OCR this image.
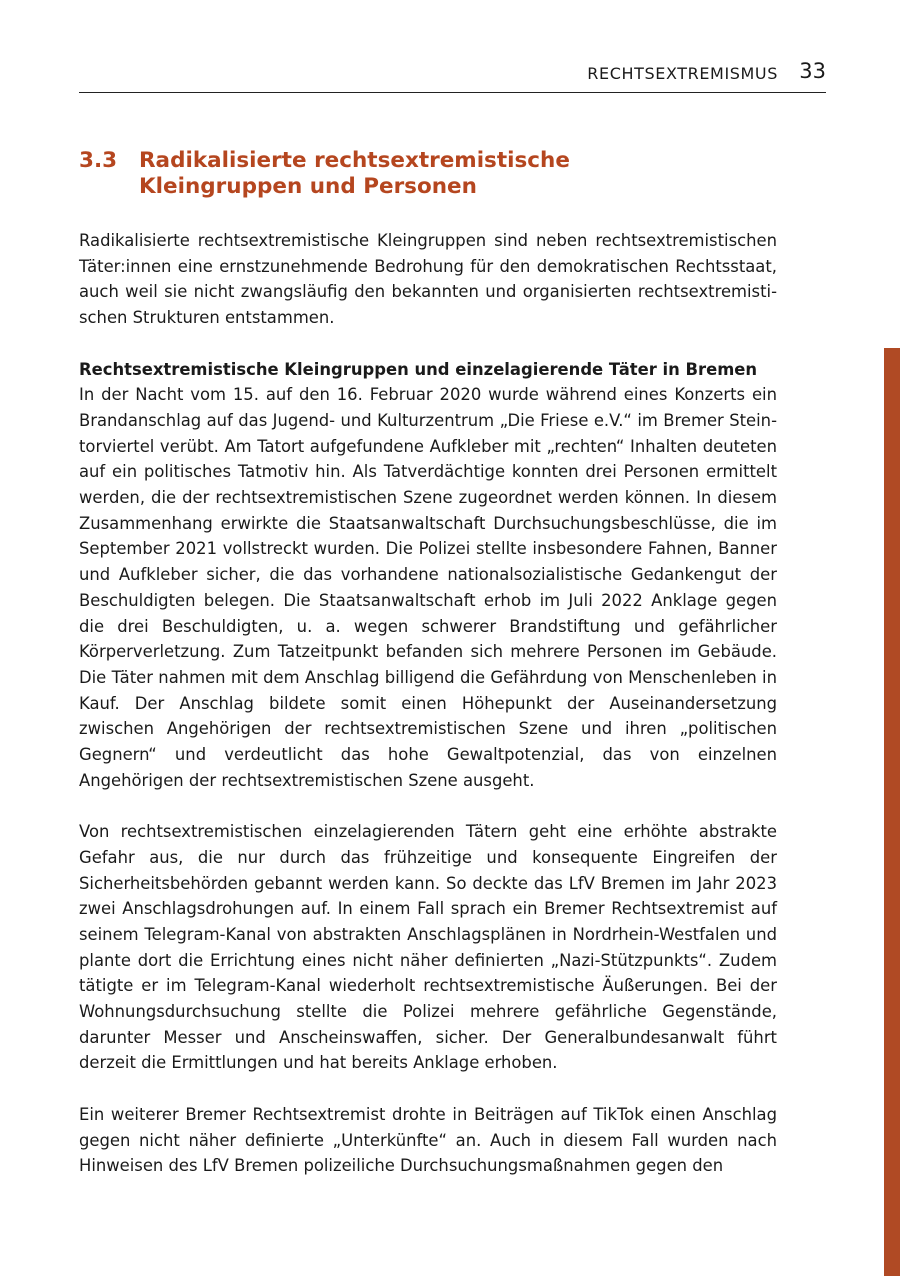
RECHTSEXTREMISMUS 33
3.3 Radikalisierte rechtsextremistische
Kleingruppen und Personen

Radikalisierte rechtsextremistische Kleingruppen sind neben rechtsextremistischen Täter:innen eine ernstzunehmende Bedrohung für den demokratischen Rechtsstaat, auch weil sie nicht zwangsläufig den bekannten und organisierten rechtsextremistischen Strukturen entstammen.

Rechtsextremistische Kleingruppen und einzelagierende Täter in Bremen

In der Nacht vom 15. auf den 16. Februar 2020 wurde während eines Konzerts ein Brandanschlag auf das Jugend- und Kulturzentrum „Die Friese e.V.“ im Bremer Steintorviertel verübt. Am Tatort aufgefundene Aufkleber mit „rechten“ Inhalten deuteten auf ein politisches Tatmotiv hin. Als Tatverdächtige konnten drei Personen ermittelt werden, die der rechtsextremistischen Szene zugeordnet werden können. In diesem Zusammenhang erwirkte die Staatsanwaltschaft Durchsuchungsbeschlüsse, die im September 2021 vollstreckt wurden. Die Polizei stellte insbesondere Fahnen, Banner und Aufkleber sicher, die das vorhandene nationalsozialistische Gedankengut der Beschuldigten belegen. Die Staatsanwaltschaft erhob im Juli 2022 Anklage gegen die drei Beschuldigten, u. a. wegen schwerer Brandstiftung und gefährlicher Körperverletzung. Zum Tatzeitpunkt befanden sich mehrere Personen im Gebäude. Die Täter nahmen mit dem Anschlag billigend die Gefährdung von Menschenleben in Kauf. Der Anschlag bildete somit einen Höhepunkt der Auseinandersetzung zwischen Angehörigen der rechtsextremistischen Szene und ihren „politischen Gegnern“ und verdeutlicht das hohe Gewaltpotenzial, das von einzelnen Angehörigen der rechtsextremistischen Szene ausgeht.

Von rechtsextremistischen einzelagierenden Tätern geht eine erhöhte abstrakte Gefahr aus, die nur durch das frühzeitige und konsequente Eingreifen der Sicherheitsbehörden gebannt werden kann. So deckte das LfV Bremen im Jahr 2023 zwei Anschlagsdrohungen auf. In einem Fall sprach ein Bremer Rechtsextremist auf seinem Telegram-Kanal von abstrakten Anschlagsplänen in Nordrhein-Westfalen und plante dort die Errichtung eines nicht näher definierten „Nazi-Stützpunkts“. Zudem tätigte er im Telegram-Kanal wiederholt rechtsextremistische Äußerungen. Bei der Wohnungsdurchsuchung stellte die Polizei mehrere gefährliche Gegenstände, darunter Messer und Anscheinswaffen, sicher. Der Generalbundesanwalt führt derzeit die Ermittlungen und hat bereits Anklage erhoben.

Ein weiterer Bremer Rechtsextremist drohte in Beiträgen auf TikTok einen Anschlag gegen nicht näher definierte „Unterkünfte“ an. Auch in diesem Fall wurden nach Hinweisen des LfV Bremen polizeiliche Durchsuchungsmaßnahmen gegen den
